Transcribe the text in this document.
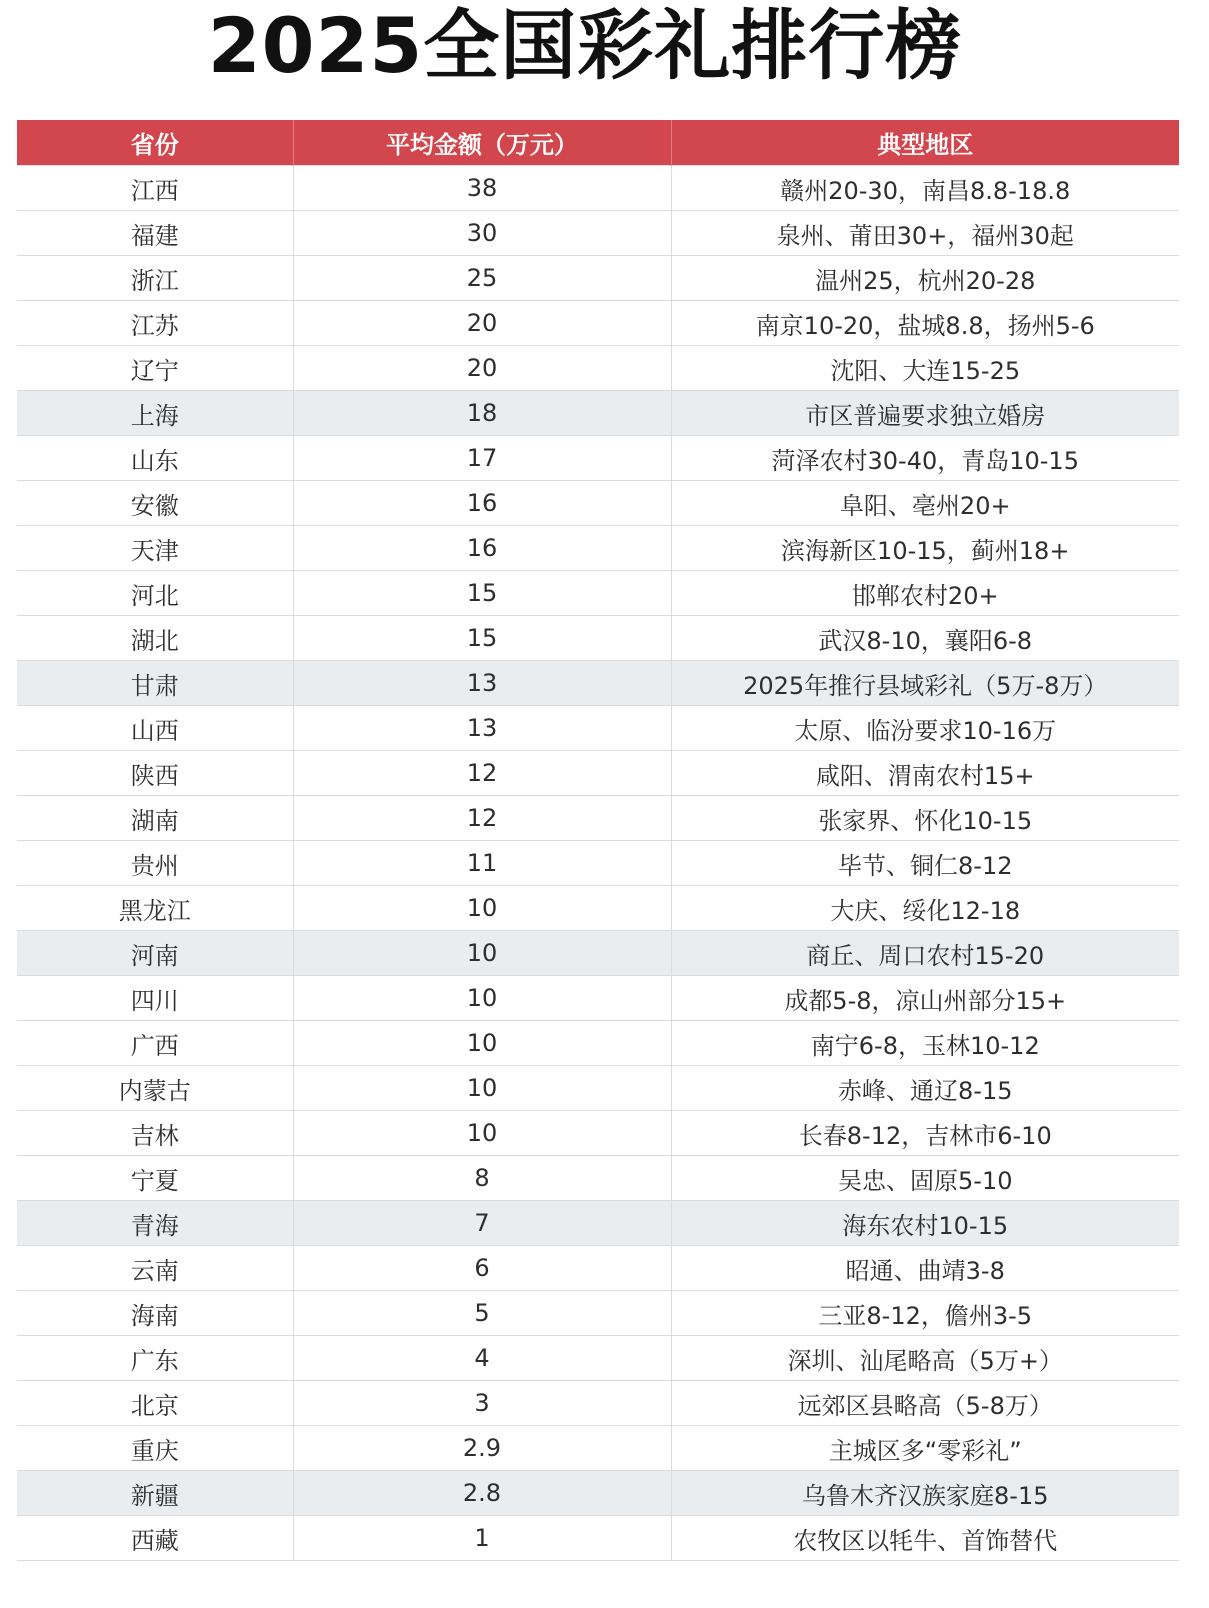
2025全国彩礼排行榜
省份	平均金额（万元）	典型地区
江西	38	赣州20-30，南昌8.8-18.8
福建	30	泉州、莆田30+，福州30起
浙江	25	温州25，杭州20-28
江苏	20	南京10-20，盐城8.8，扬州5-6
辽宁	20	沈阳、大连15-25
上海	18	市区普遍要求独立婚房
山东	17	菏泽农村30-40，青岛10-15
安徽	16	阜阳、亳州20+
天津	16	滨海新区10-15，蓟州18+
河北	15	邯郸农村20+
湖北	15	武汉8-10，襄阳6-8
甘肃	13	2025年推行县域彩礼（5万-8万）
山西	13	太原、临汾要求10-16万
陕西	12	咸阳、渭南农村15+
湖南	12	张家界、怀化10-15
贵州	11	毕节、铜仁8-12
黑龙江	10	大庆、绥化12-18
河南	10	商丘、周口农村15-20
四川	10	成都5-8，凉山州部分15+
广西	10	南宁6-8，玉林10-12
内蒙古	10	赤峰、通辽8-15
吉林	10	长春8-12，吉林市6-10
宁夏	8	吴忠、固原5-10
青海	7	海东农村10-15
云南	6	昭通、曲靖3-8
海南	5	三亚8-12，儋州3-5
广东	4	深圳、汕尾略高（5万+）
北京	3	远郊区县略高（5-8万）
重庆	2.9	主城区多“零彩礼”
新疆	2.8	乌鲁木齐汉族家庭8-15
西藏	1	农牧区以牦牛、首饰替代
